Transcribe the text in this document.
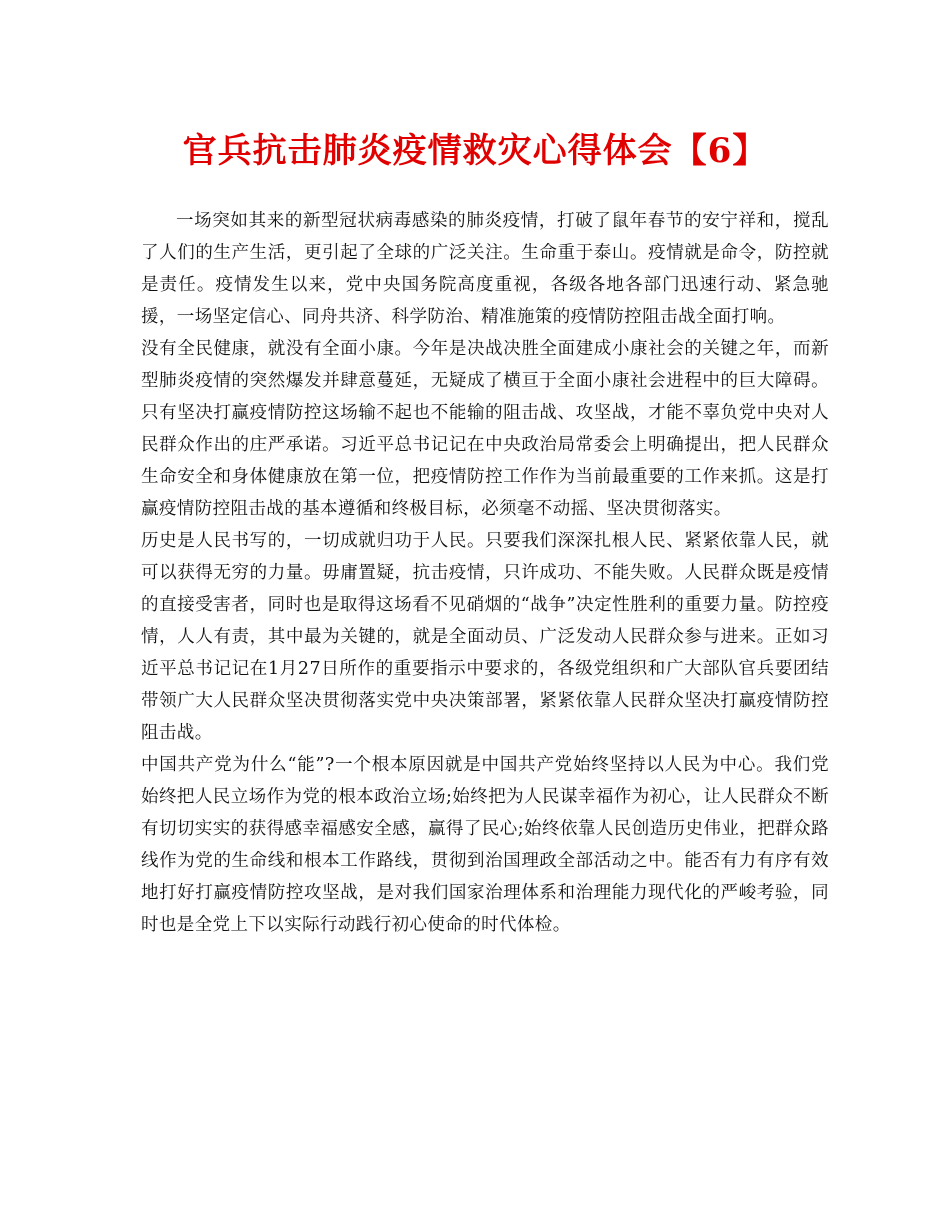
官兵抗击肺炎疫情救灾心得体会【6】

一场突如其来的新型冠状病毒感染的肺炎疫情，打破了鼠年春节的安宁祥和，搅乱了人们的生产生活，更引起了全球的广泛关注。生命重于泰山。疫情就是命令，防控就是责任。疫情发生以来，党中央国务院高度重视，各级各地各部门迅速行动、紧急驰援，一场坚定信心、同舟共济、科学防治、精准施策的疫情防控阻击战全面打响。

没有全民健康，就没有全面小康。今年是决战决胜全面建成小康社会的关键之年，而新型肺炎疫情的突然爆发并肆意蔓延，无疑成了横亘于全面小康社会进程中的巨大障碍。只有坚决打赢疫情防控这场输不起也不能输的阻击战、攻坚战，才能不辜负党中央对人民群众作出的庄严承诺。习近平总书记记在中央政治局常委会上明确提出，把人民群众生命安全和身体健康放在第一位，把疫情防控工作作为当前最重要的工作来抓。这是打赢疫情防控阻击战的基本遵循和终极目标，必须毫不动摇、坚决贯彻落实。

历史是人民书写的，一切成就归功于人民。只要我们深深扎根人民、紧紧依靠人民，就可以获得无穷的力量。毋庸置疑，抗击疫情，只许成功、不能失败。人民群众既是疫情的直接受害者，同时也是取得这场看不见硝烟的“战争”决定性胜利的重要力量。防控疫情，人人有责，其中最为关键的，就是全面动员、广泛发动人民群众参与进来。正如习近平总书记记在1月27日所作的重要指示中要求的，各级党组织和广大部队官兵要团结带领广大人民群众坚决贯彻落实党中央决策部署，紧紧依靠人民群众坚决打赢疫情防控阻击战。

中国共产党为什么“能”?一个根本原因就是中国共产党始终坚持以人民为中心。我们党始终把人民立场作为党的根本政治立场;始终把为人民谋幸福作为初心，让人民群众不断有切切实实的获得感幸福感安全感，赢得了民心;始终依靠人民创造历史伟业，把群众路线作为党的生命线和根本工作路线，贯彻到治国理政全部活动之中。能否有力有序有效地打好打赢疫情防控攻坚战，是对我们国家治理体系和治理能力现代化的严峻考验，同时也是全党上下以实际行动践行初心使命的时代体检。
